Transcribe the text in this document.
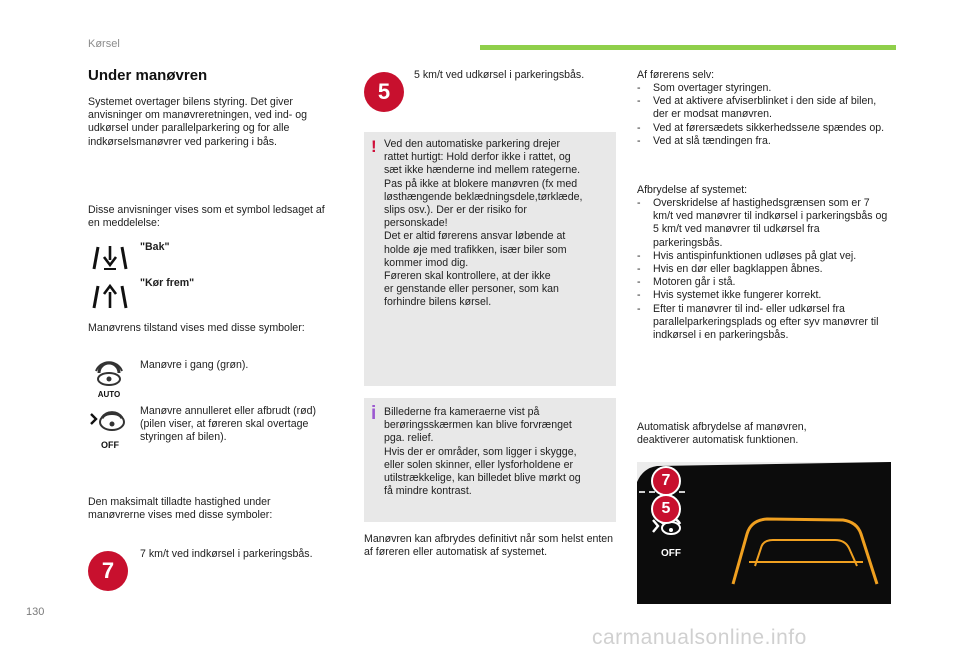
Kørsel
Under manøvren

Systemet overtager bilens styring. Det giver anvisninger om manøvreretningen, ved ind- og udkørsel under parallelparkering og for alle indkørselsmanøvrer ved parkering i bås.

Disse anvisninger vises som et symbol ledsaget af en meddelelse:

"Bak"
"Kør frem"

Manøvrens tilstand vises med disse symboler:

AUTO
Manøvre i gang (grøn).
OFF

Manøvre annulleret eller afbrudt (rød) (pilen viser, at føreren skal overtage styringen af bilen).

Den maksimalt tilladte hastighed under manøvrerne vises med disse symboler:

7
7 km/t ved indkørsel i parkeringsbås.
5
5 km/t ved udkørsel i parkeringsbås.
! Ved den automatiske parkering drejer
rattet hurtigt: Hold derfor ikke i rattet, og
sæt ikke hænderne ind mellem rategerne.
Pas på ikke at blokere manøvren (fx med
løsthængende beklædningsdele,tørklæde,
slips osv.). Der er der risiko for
personskade!
Det er altid førerens ansvar løbende at
holde øje med trafikken, især biler som
kommer imod dig.
Føreren skal kontrollere, at der ikke
er genstande eller personer, som kan
forhindre bilens kørsel.
i Billederne fra kameraerne vist på
berøringsskærmen kan blive forvrænget
pga. relief.
Hvis der er områder, som ligger i skygge,
eller solen skinner, eller lysforholdene er
utilstrækkelige, kan billedet blive mørkt og
få mindre kontrast.

Manøvren kan afbrydes definitivt når som helst enten af føreren eller automatisk af systemet.

Af førerens selv:
- Som overtager styringen.
- Ved at aktivere afviserblinket i den side af bilen, der er modsat manøvren.
- Ved at førersædets sikkerhedsseле spændes op.
- Ved at slå tændingen fra.
Afbrydelse af systemet:
- Overskridelse af hastighedsgrænsen som er 7 km/t ved manøvrer til indkørsel i parkeringsbås og 5 km/t ved manøvrer til udkørsel fra parkeringsbås.
- Hvis antispinfunktionen udløses på glat vej.
- Hvis en dør eller bagklappen åbnes.
- Motoren går i stå.
- Hvis systemet ikke fungerer korrekt.
- Efter ti manøvrer til ind- eller udkørsel fra parallelparkeringsplads og efter syv manøvrer til indkørsel i en parkeringsbås.

Automatisk afbrydelse af manøvren, deaktiverer automatisk funktionen.

7
5
OFF
130
carmanualsonline.info
